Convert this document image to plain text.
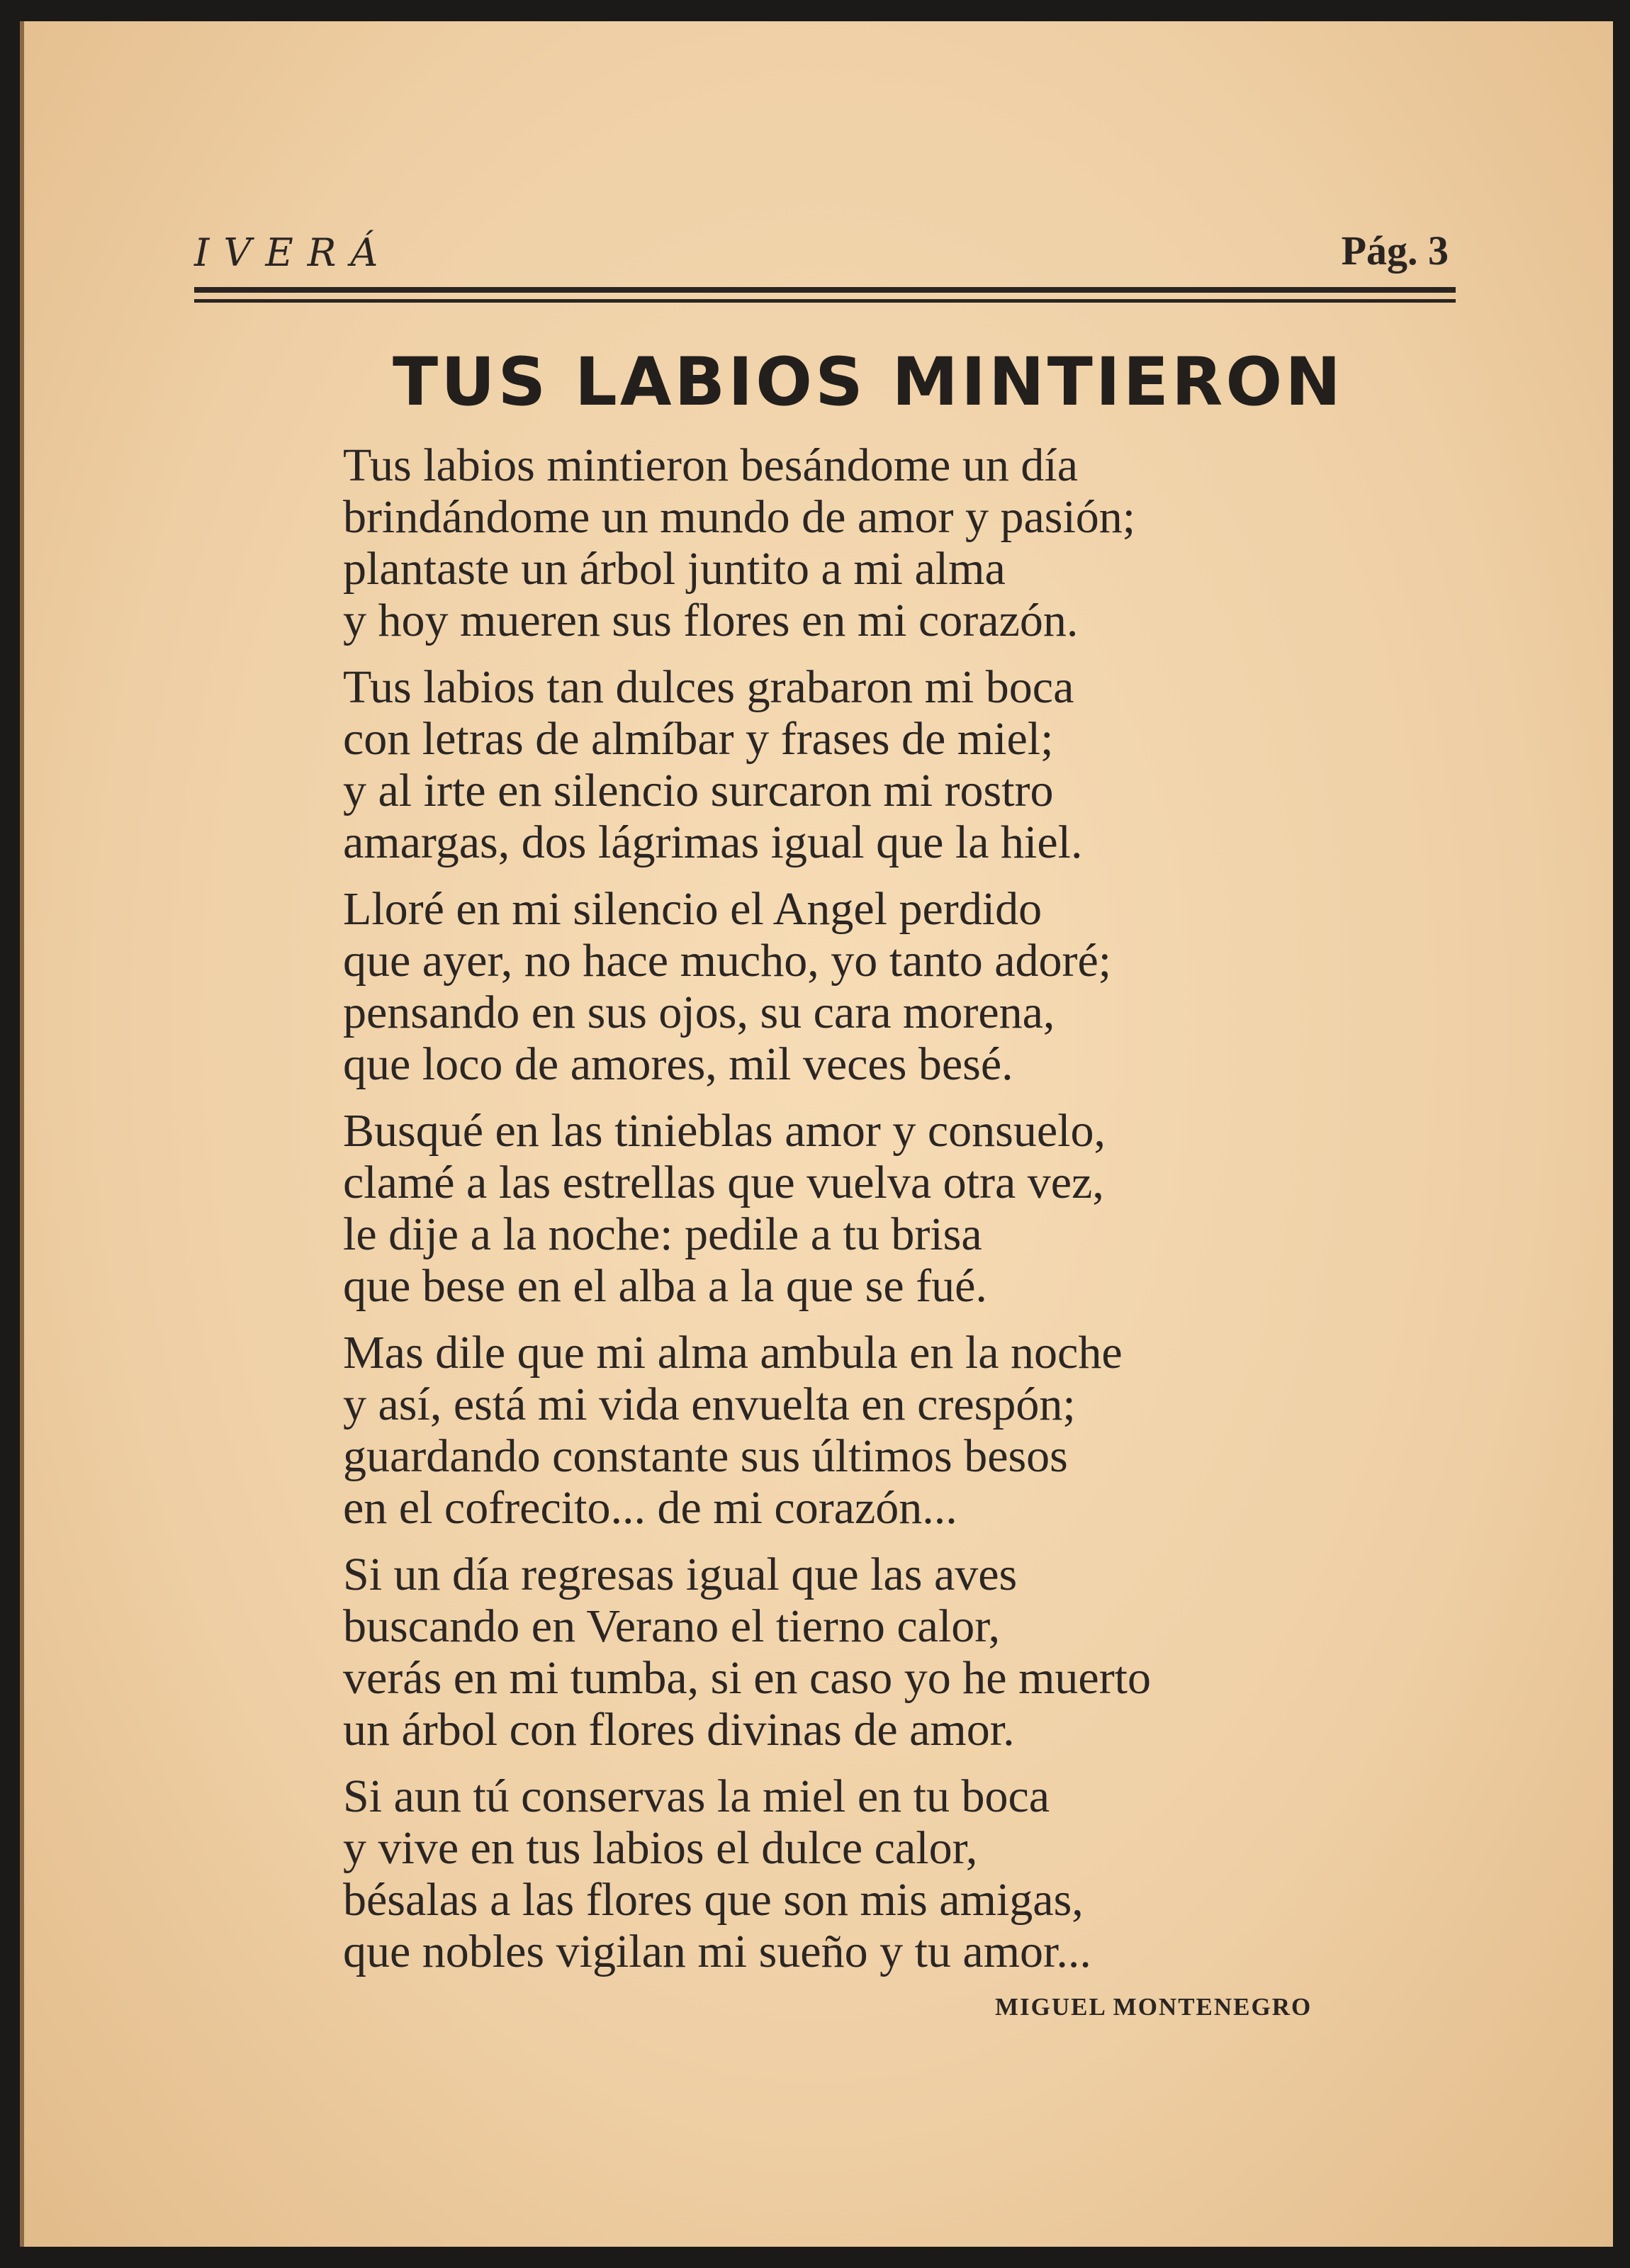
IVERÁ	Pág. 3
TUS LABIOS MINTIERON
Tus labios mintieron besándome un día
brindándome un mundo de amor y pasión;
plantaste un árbol juntito a mi alma
y hoy mueren sus flores en mi corazón.
Tus labios tan dulces grabaron mi boca
con letras de almíbar y frases de miel;
y al irte en silencio surcaron mi rostro
amargas, dos lágrimas igual que la hiel.
Lloré en mi silencio el Angel perdido
que ayer, no hace mucho, yo tanto adoré;
pensando en sus ojos, su cara morena,
que loco de amores, mil veces besé.
Busqué en las tinieblas amor y consuelo,
clamé a las estrellas que vuelva otra vez,
le dije a la noche: pedile a tu brisa
que bese en el alba a la que se fué.
Mas dile que mi alma ambula en la noche
y así, está mi vida envuelta en crespón;
guardando constante sus últimos besos
en el cofrecito... de mi corazón...
Si un día regresas igual que las aves
buscando en Verano el tierno calor,
verás en mi tumba, si en caso yo he muerto
un árbol con flores divinas de amor.
Si aun tú conservas la miel en tu boca
y vive en tus labios el dulce calor,
bésalas a las flores que son mis amigas,
que nobles vigilan mi sueño y tu amor...
MIGUEL MONTENEGRO
